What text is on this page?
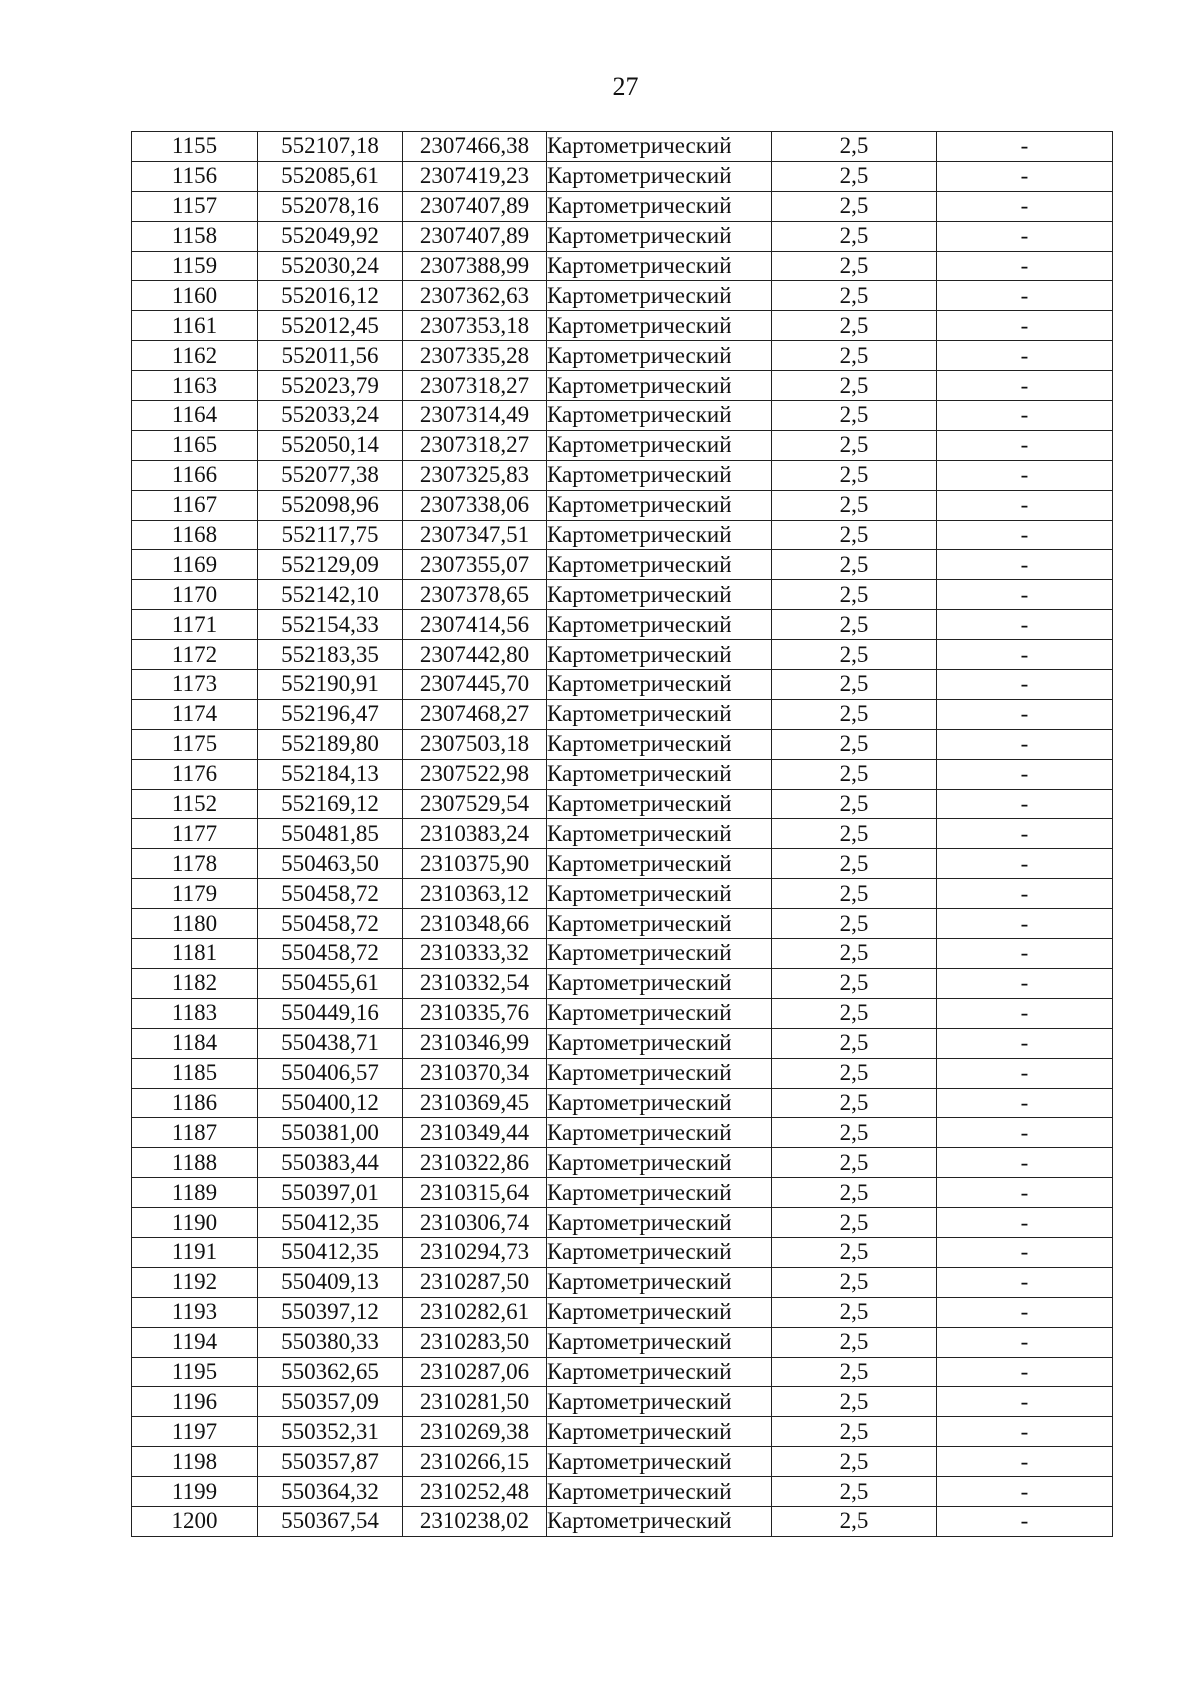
27
1155	552107,18	2307466,38	Картометрический	2,5	-
1156	552085,61	2307419,23	Картометрический	2,5	-
1157	552078,16	2307407,89	Картометрический	2,5	-
1158	552049,92	2307407,89	Картометрический	2,5	-
1159	552030,24	2307388,99	Картометрический	2,5	-
1160	552016,12	2307362,63	Картометрический	2,5	-
1161	552012,45	2307353,18	Картометрический	2,5	-
1162	552011,56	2307335,28	Картометрический	2,5	-
1163	552023,79	2307318,27	Картометрический	2,5	-
1164	552033,24	2307314,49	Картометрический	2,5	-
1165	552050,14	2307318,27	Картометрический	2,5	-
1166	552077,38	2307325,83	Картометрический	2,5	-
1167	552098,96	2307338,06	Картометрический	2,5	-
1168	552117,75	2307347,51	Картометрический	2,5	-
1169	552129,09	2307355,07	Картометрический	2,5	-
1170	552142,10	2307378,65	Картометрический	2,5	-
1171	552154,33	2307414,56	Картометрический	2,5	-
1172	552183,35	2307442,80	Картометрический	2,5	-
1173	552190,91	2307445,70	Картометрический	2,5	-
1174	552196,47	2307468,27	Картометрический	2,5	-
1175	552189,80	2307503,18	Картометрический	2,5	-
1176	552184,13	2307522,98	Картометрический	2,5	-
1152	552169,12	2307529,54	Картометрический	2,5	-
1177	550481,85	2310383,24	Картометрический	2,5	-
1178	550463,50	2310375,90	Картометрический	2,5	-
1179	550458,72	2310363,12	Картометрический	2,5	-
1180	550458,72	2310348,66	Картометрический	2,5	-
1181	550458,72	2310333,32	Картометрический	2,5	-
1182	550455,61	2310332,54	Картометрический	2,5	-
1183	550449,16	2310335,76	Картометрический	2,5	-
1184	550438,71	2310346,99	Картометрический	2,5	-
1185	550406,57	2310370,34	Картометрический	2,5	-
1186	550400,12	2310369,45	Картометрический	2,5	-
1187	550381,00	2310349,44	Картометрический	2,5	-
1188	550383,44	2310322,86	Картометрический	2,5	-
1189	550397,01	2310315,64	Картометрический	2,5	-
1190	550412,35	2310306,74	Картометрический	2,5	-
1191	550412,35	2310294,73	Картометрический	2,5	-
1192	550409,13	2310287,50	Картометрический	2,5	-
1193	550397,12	2310282,61	Картометрический	2,5	-
1194	550380,33	2310283,50	Картометрический	2,5	-
1195	550362,65	2310287,06	Картометрический	2,5	-
1196	550357,09	2310281,50	Картометрический	2,5	-
1197	550352,31	2310269,38	Картометрический	2,5	-
1198	550357,87	2310266,15	Картометрический	2,5	-
1199	550364,32	2310252,48	Картометрический	2,5	-
1200	550367,54	2310238,02	Картометрический	2,5	-
